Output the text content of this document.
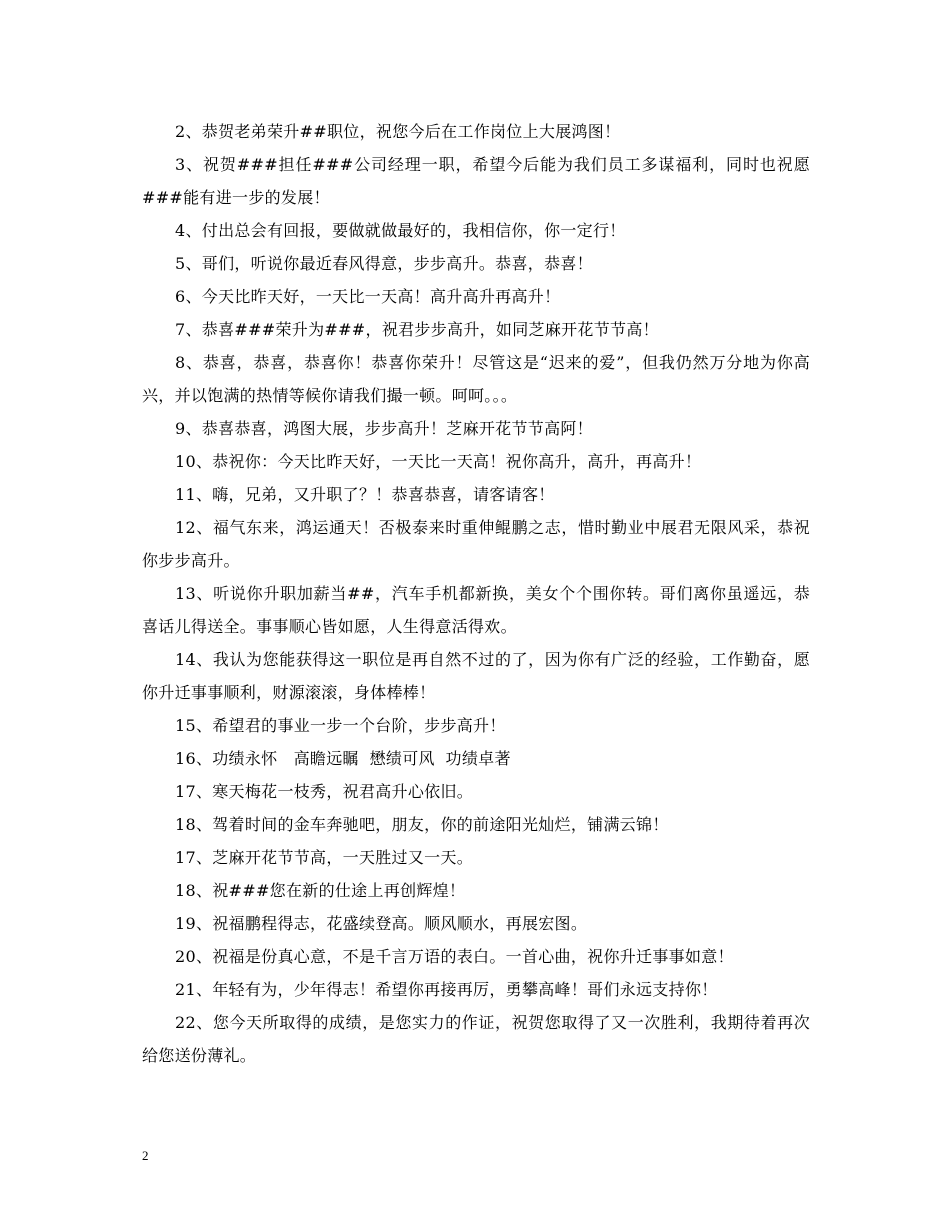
2、恭贺老弟荣升##职位，祝您今后在工作岗位上大展鸿图！

3、祝贺###担任###公司经理一职，希望今后能为我们员工多谋福利，同时也祝愿###能有进一步的发展！

4、付出总会有回报，要做就做最好的，我相信你，你一定行！

5、哥们，听说你最近春风得意，步步高升。恭喜，恭喜！

6、今天比昨天好，一天比一天高！高升高升再高升！

7、恭喜###荣升为###，祝君步步高升，如同芝麻开花节节高！

8、恭喜，恭喜，恭喜你！恭喜你荣升！尽管这是“迟来的爱”，但我仍然万分地为你高兴，并以饱满的热情等候你请我们撮一顿。呵呵。。。

9、恭喜恭喜，鸿图大展，步步高升！芝麻开花节节高阿！

10、恭祝你：今天比昨天好，一天比一天高！祝你高升，高升，再高升！

11、嗨，兄弟，又升职了？！恭喜恭喜，请客请客！

12、福气东来，鸿运通天！否极泰来时重伸鲲鹏之志，惜时勤业中展君无限风采，恭祝你步步高升。

13、听说你升职加薪当##，汽车手机都新换，美女个个围你转。哥们离你虽遥远，恭喜话儿得送全。事事顺心皆如愿，人生得意活得欢。

14、我认为您能获得这一职位是再自然不过的了，因为你有广泛的经验，工作勤奋，愿你升迁事事顺利，财源滚滚，身体棒棒！

15、希望君的事业一步一个台阶，步步高升！

16、功绩永怀   高瞻远瞩  懋绩可风  功绩卓著

17、寒天梅花一枝秀，祝君高升心依旧。

18、驾着时间的金车奔驰吧，朋友，你的前途阳光灿烂，铺满云锦！

17、芝麻开花节节高，一天胜过又一天。

18、祝###您在新的仕途上再创辉煌！

19、祝福鹏程得志，花盛续登高。顺风顺水，再展宏图。

20、祝福是份真心意，不是千言万语的表白。一首心曲，祝你升迁事事如意！

21、年轻有为，少年得志！希望你再接再厉，勇攀高峰！哥们永远支持你！

22、您今天所取得的成绩，是您实力的作证，祝贺您取得了又一次胜利，我期待着再次给您送份薄礼。

2
